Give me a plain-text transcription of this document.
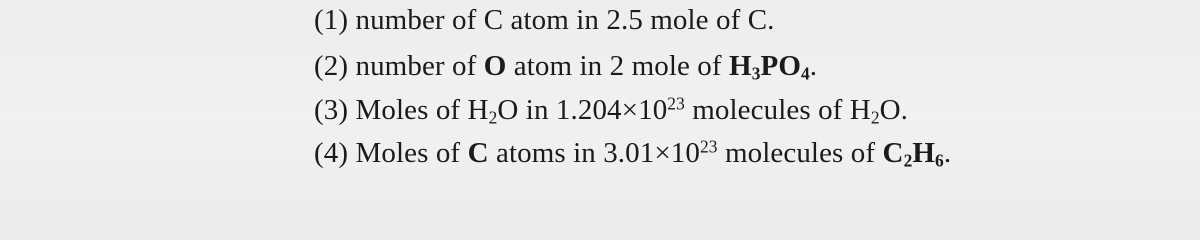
(1) number of C atom in 2.5 mole of C.
(2) number of O atom in 2 mole of $H_3PO_4$.
(3) Moles of $H_2O$ in $1.204\times 10^{23}$ molecules of $H_2O$.
(4) Moles of C atoms in $3.01\times 10^{23}$ molecules of $C_2H_6$.
